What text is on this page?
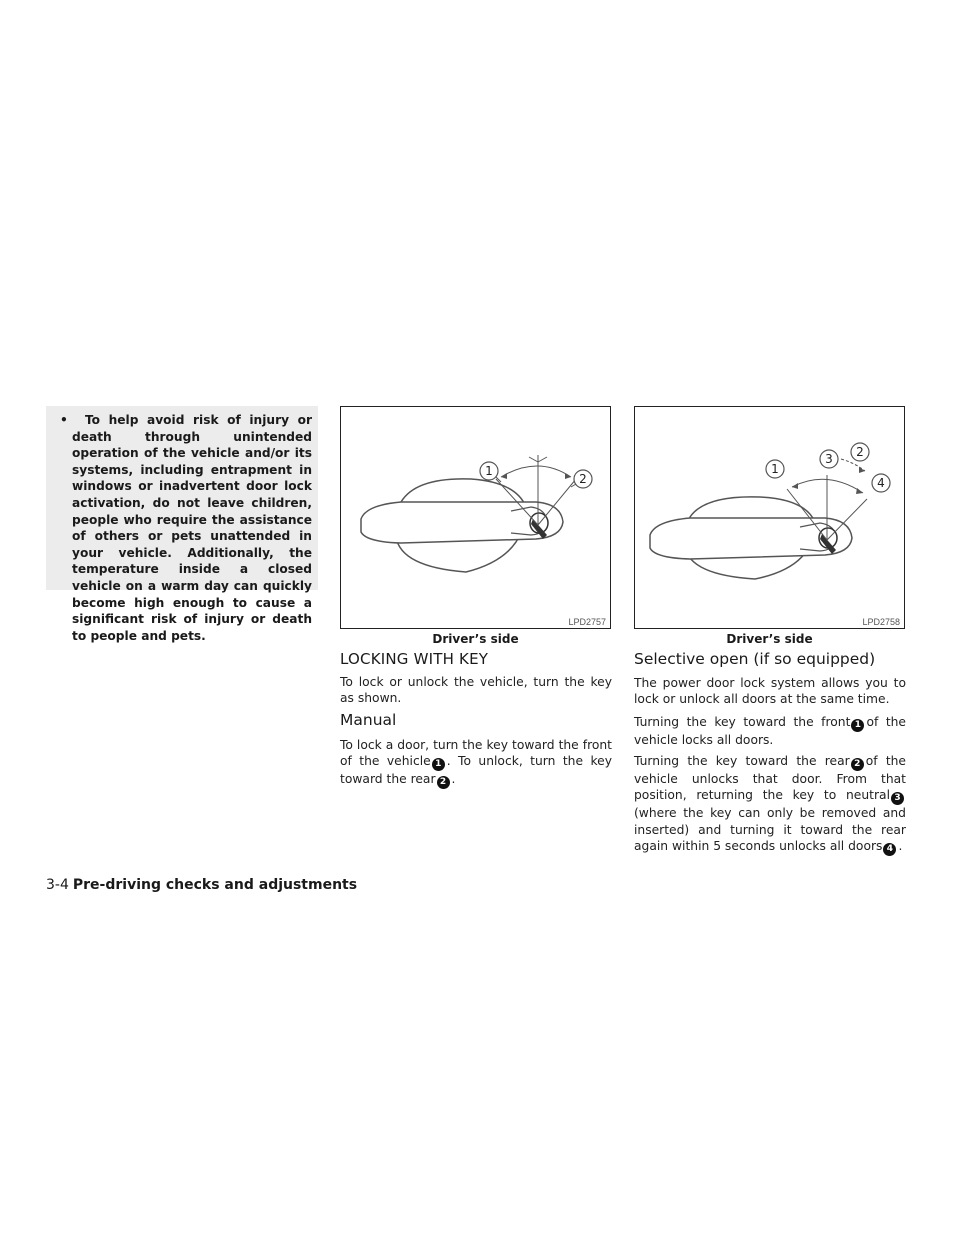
•  To help avoid risk of injury or death through unintended operation of the vehicle and/or its systems, including entrapment in windows or inadvertent door lock activation, do not leave children, people who require the assistance of others or pets unattended in your vehicle. Additionally, the temperature inside a closed vehicle on a warm day can quickly become high enough to cause a significant risk of injury or death to people and pets.

1
2
LPD2757
Driver’s side
1
3 2
4
LPD2758
Driver’s side
LOCKING WITH KEY

To lock or unlock the vehicle, turn the key as shown.

Manual

To lock a door, turn the key toward the front of the vehicle 1 . To unlock, turn the key toward the rear 2 .

Selective open (if so equipped)

The power door lock system allows you to lock or unlock all doors at the same time.

Turning the key toward the front 1 of the vehicle locks all doors.

Turning the key toward the rear 2 of the vehicle unlocks that door. From that position, returning the key to neutral 3(where the key can only be removed and inserted) and turning it toward the rear again within 5 seconds unlocks all doors 4 .

3-4 Pre-driving checks and adjustments
